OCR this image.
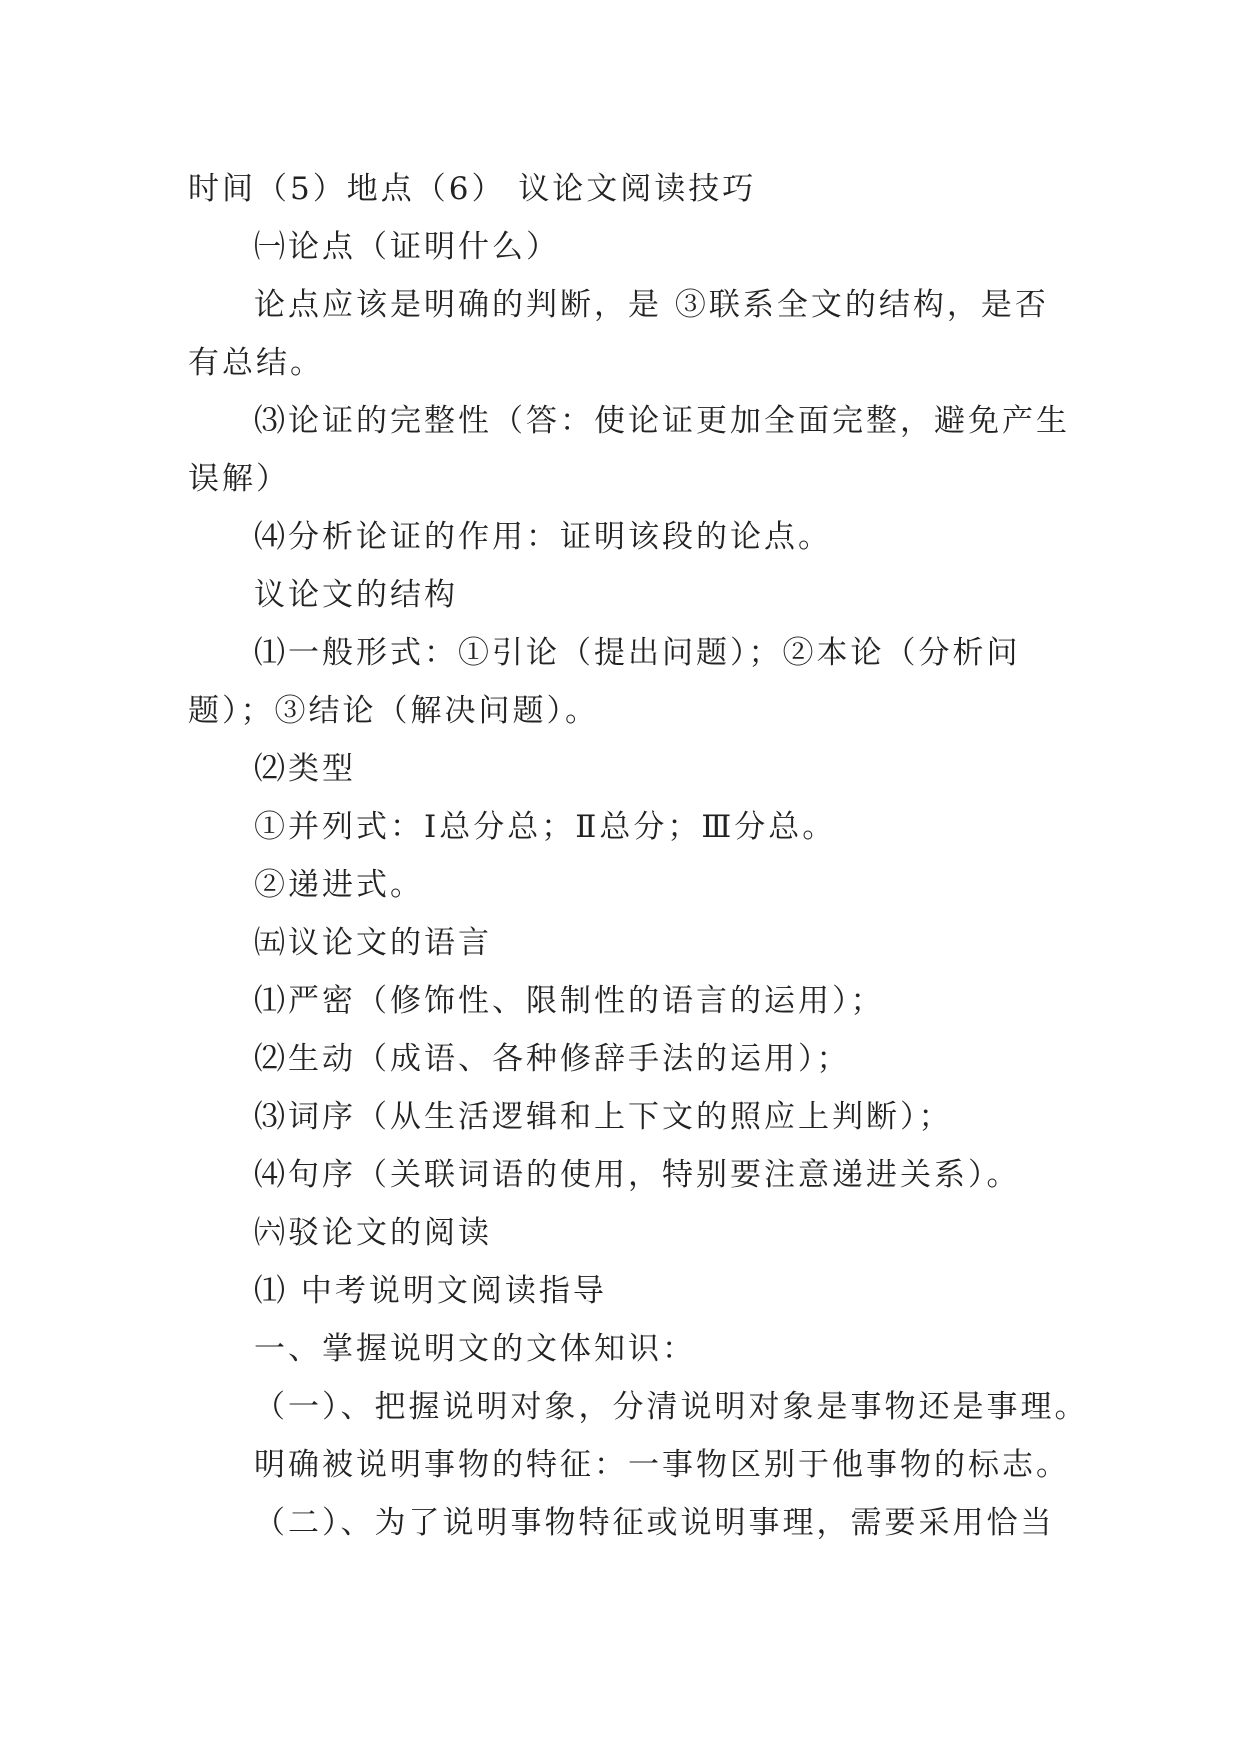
时间（5）地点（6） 议论文阅读技巧
㈠论点（证明什么）
论点应该是明确的判断，是 ③联系全文的结构，是否
有总结。
⑶论证的完整性（答：使论证更加全面完整，避免产生
误解）
⑷分析论证的作用：证明该段的论点。
议论文的结构
⑴一般形式：①引论（提出问题）；②本论（分析问
题）；③结论（解决问题）。
⑵类型
①并列式：Ⅰ总分总；Ⅱ总分；Ⅲ分总。
②递进式。
㈤议论文的语言
⑴严密（修饰性、限制性的语言的运用）；
⑵生动（成语、各种修辞手法的运用）；
⑶词序（从生活逻辑和上下文的照应上判断）；
⑷句序（关联词语的使用，特别要注意递进关系）。
㈥驳论文的阅读
⑴ 中考说明文阅读指导
一、掌握说明文的文体知识：
（一）、把握说明对象，分清说明对象是事物还是事理。
明确被说明事物的特征：一事物区别于他事物的标志。
（二）、为了说明事物特征或说明事理，需要采用恰当
